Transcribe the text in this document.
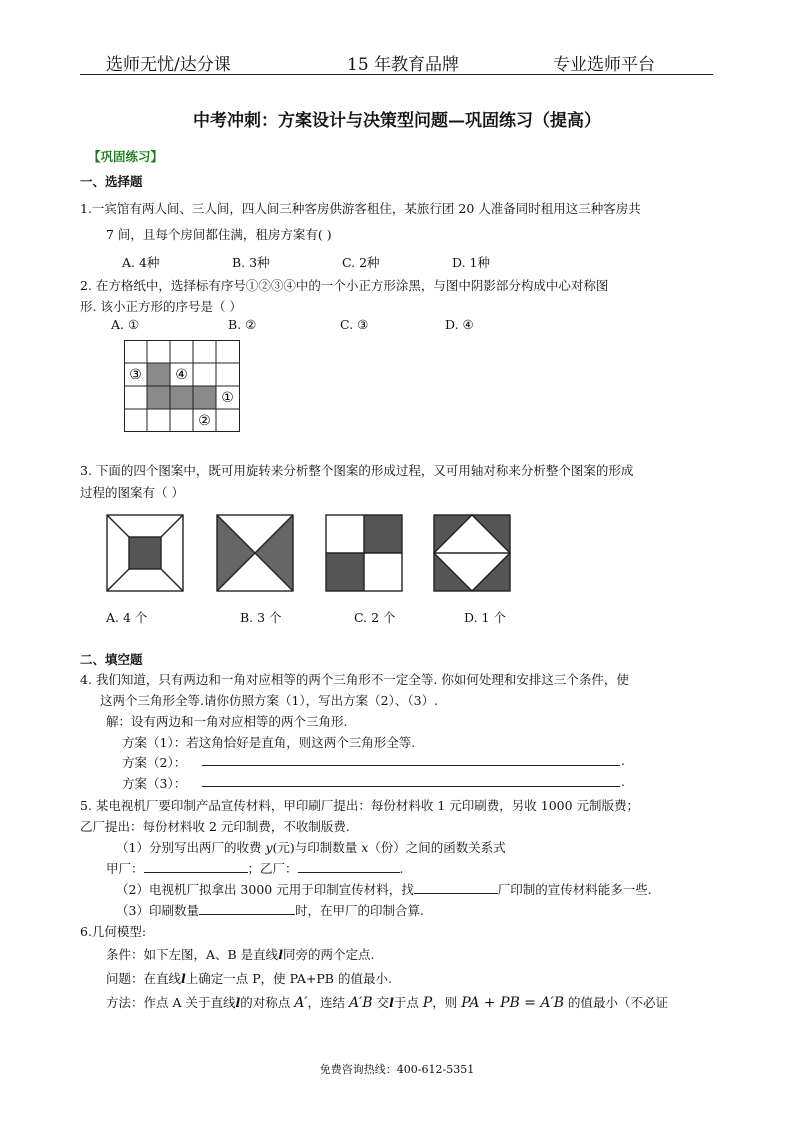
选师无忧/达分课	15 年教育品牌	专业选师平台
中考冲刺：方案设计与决策型问题—巩固练习（提高）
【巩固练习】
一、选择题
1.一宾馆有两人间、三人间，四人间三种客房供游客租住，某旅行团 20 人准备同时租用这三种客房共
7 间，且每个房间都住满，租房方案有( )
A. 4种	B. 3种	C. 2种	D. 1种
2. 在方格纸中，选择标有序号①②③④中的一个小正方形涂黑，与图中阴影部分构成中心对称图
形. 该小正方形的序号是（ ）
A. ①	B. ②	C. ③	D. ④
③ ④
①
②
3. 下面的四个图案中，既可用旋转来分析整个图案的形成过程，又可用轴对称来分析整个图案的形成
过程的图案有（ ）
A. 4 个	B. 3 个	C. 2 个	D. 1 个
二、填空题
4. 我们知道，只有两边和一角对应相等的两个三角形不一定全等. 你如何处理和安排这三个条件，使
这两个三角形全等.请你仿照方案（1），写出方案（2）、（3）.
解：设有两边和一角对应相等的两个三角形.
方案（1）：若这角恰好是直角，则这两个三角形全等.
方案（2）：	.
方案（3）：	.
5. 某电视机厂要印制产品宣传材料，甲印刷厂提出：每份材料收 1 元印刷费，另收 1000 元制版费；
乙厂提出：每份材料收 2 元印制费，不收制版费.
（1）分别写出两厂的收费 y(元)与印制数量 x（份）之间的函数关系式
甲厂：	；乙厂：	.
（2）电视机厂拟拿出 3000 元用于印制宣传材料，找	厂印制的宣传材料能多一些.
（3）印刷数量	时，在甲厂的印制合算.
6.几何模型:
条件：如下左图，A、B 是直线l同旁的两个定点.
问题：在直线l上确定一点 P，使 PA+PB 的值最小.
方法：作点 A 关于直线l的对称点 A′，连结 A′B 交l于点 P，则 PA + PB = A′B 的值最小（不必证
免费咨询热线：400-612-5351
